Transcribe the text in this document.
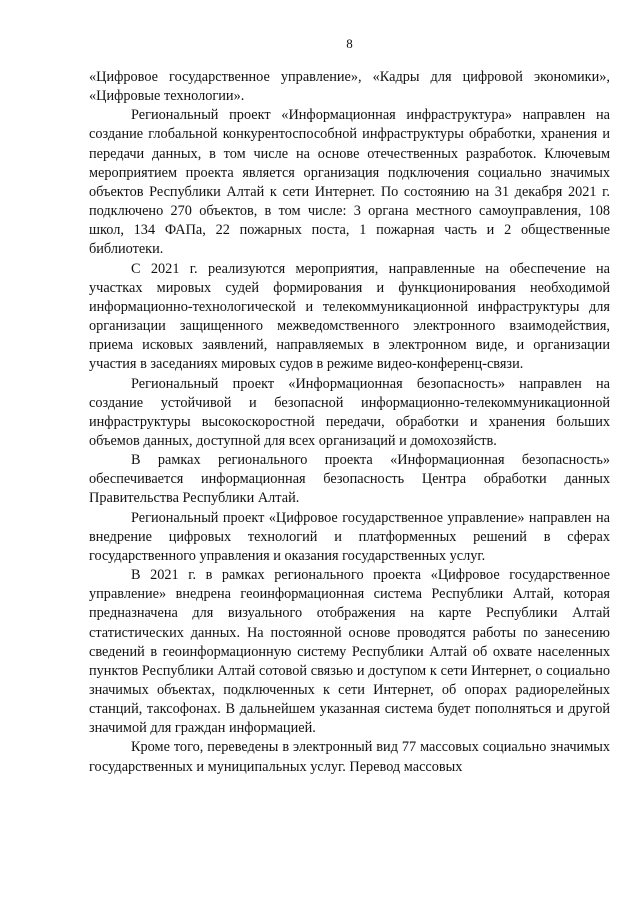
8

«Цифровое государственное управление», «Кадры для цифровой экономики», «Цифровые технологии».

Региональный проект «Информационная инфраструктура» направлен на создание глобальной конкурентоспособной инфраструктуры обработки, хранения и передачи данных, в том числе на основе отечественных разработок. Ключевым мероприятием проекта является организация подключения социально значимых объектов Республики Алтай к сети Интернет. По состоянию на 31 декабря 2021 г. подключено 270 объектов, в том числе: 3 органа местного самоуправления, 108 школ, 134 ФАПа, 22 пожарных поста, 1 пожарная часть и 2 общественные библиотеки.

С 2021 г. реализуются мероприятия, направленные на обеспечение на участках мировых судей формирования и функционирования необходимой информационно-технологической и телекоммуникационной инфраструктуры для организации защищенного межведомственного электронного взаимодействия, приема исковых заявлений, направляемых в электронном виде, и организации участия в заседаниях мировых судов в режиме видео-конференц-связи.

Региональный проект «Информационная безопасность» направлен на создание устойчивой и безопасной информационно-телекоммуникационной инфраструктуры высокоскоростной передачи, обработки и хранения больших объемов данных, доступной для всех организаций и домохозяйств.

В рамках регионального проекта «Информационная безопасность» обеспечивается информационная безопасность Центра обработки данных Правительства Республики Алтай.

Региональный проект «Цифровое государственное управление» направлен на внедрение цифровых технологий и платформенных решений в сферах государственного управления и оказания государственных услуг.

В 2021 г. в рамках регионального проекта «Цифровое государственное управление» внедрена геоинформационная система Республики Алтай, которая предназначена для визуального отображения на карте Республики Алтай статистических данных. На постоянной основе проводятся работы по занесению сведений в геоинформационную систему Республики Алтай об охвате населенных пунктов Республики Алтай сотовой связью и доступом к сети Интернет, о социально значимых объектах, подключенных к сети Интернет, об опорах радиорелейных станций, таксофонах. В дальнейшем указанная система будет пополняться и другой значимой для граждан информацией.

Кроме того, переведены в электронный вид 77 массовых социально значимых государственных и муниципальных услуг. Перевод массовых
